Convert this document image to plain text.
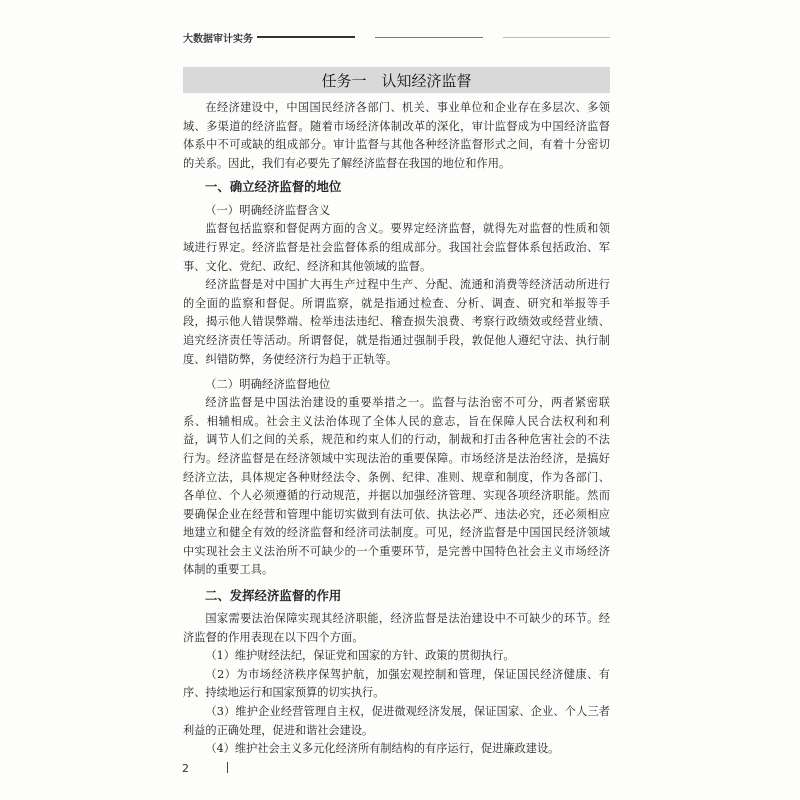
大数据审计实务
任务一　认知经济监督

在经济建设中，中国国民经济各部门、机关、事业单位和企业存在多层次、多领域、多渠道的经济监督。随着市场经济体制改革的深化，审计监督成为中国经济监督体系中不可或缺的组成部分。审计监督与其他各种经济监督形式之间，有着十分密切的关系。因此，我们有必要先了解经济监督在我国的地位和作用。

一、确立经济监督的地位
（一）明确经济监督含义

监督包括监察和督促两方面的含义。要界定经济监督，就得先对监督的性质和领域进行界定。经济监督是社会监督体系的组成部分。我国社会监督体系包括政治、军事、文化、党纪、政纪、经济和其他领域的监督。

经济监督是对中国扩大再生产过程中生产、分配、流通和消费等经济活动所进行的全面的监察和督促。所谓监察，就是指通过检查、分析、调查、研究和举报等手段，揭示他人错误弊端、检举违法违纪、稽查损失浪费、考察行政绩效或经营业绩、追究经济责任等活动。所谓督促，就是指通过强制手段，敦促他人遵纪守法、执行制度、纠错防弊，务使经济行为趋于正轨等。

（二）明确经济监督地位

经济监督是中国法治建设的重要举措之一。监督与法治密不可分，两者紧密联系、相辅相成。社会主义法治体现了全体人民的意志，旨在保障人民合法权利和利益，调节人们之间的关系，规范和约束人们的行动，制裁和打击各种危害社会的不法行为。经济监督是在经济领域中实现法治的重要保障。市场经济是法治经济，是搞好经济立法，具体规定各种财经法令、条例、纪律、准则、规章和制度，作为各部门、各单位、个人必须遵循的行动规范，并据以加强经济管理、实现各项经济职能。然而要确保企业在经营和管理中能切实做到有法可依、执法必严、违法必究，还必须相应地建立和健全有效的经济监督和经济司法制度。可见，经济监督是中国国民经济领域中实现社会主义法治所不可缺少的一个重要环节，是完善中国特色社会主义市场经济体制的重要工具。

二、发挥经济监督的作用

国家需要法治保障实现其经济职能，经济监督是法治建设中不可缺少的环节。经济监督的作用表现在以下四个方面。

（1）维护财经法纪，保证党和国家的方针、政策的贯彻执行。

（2）为市场经济秩序保驾护航，加强宏观控制和管理，保证国民经济健康、有序、持续地运行和国家预算的切实执行。

（3）维护企业经营管理自主权，促进微观经济发展，保证国家、企业、个人三者利益的正确处理，促进和谐社会建设。

（4）维护社会主义多元化经济所有制结构的有序运行，促进廉政建设。

2
